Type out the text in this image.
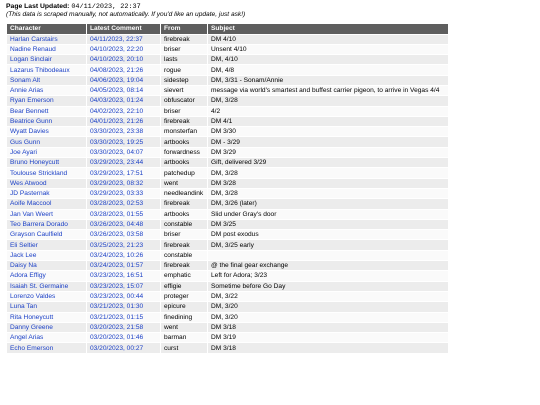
Page Last Updated: 04/11/2023, 22:37
(This data is scraped manually, not automatically. If you'd like an update, just ask!)
Character	Latest Comment	From	Subject
Harlan Carstairs	04/11/2023, 22:37	firebreak	DM 4/10
Nadine Renaud	04/10/2023, 22:20	briser	Unsent 4/10
Logan Sinclair	04/10/2023, 20:10	lasts	DM, 4/10
Lazarus Thibodeaux	04/08/2023, 21:26	rogue	DM, 4/8
Sonam Alt	04/06/2023, 19:04	sidestep	DM, 3/31 - Sonam/Annie
Annie Arias	04/05/2023, 08:14	sievert	message via world's smartest and buffest carrier pigeon, to arrive in Vegas 4/4
Ryan Emerson	04/03/2023, 01:24	obfuscator	DM, 3/28
Bear Bennett	04/02/2023, 22:10	briser	4/2
Beatrice Gunn	04/01/2023, 21:26	firebreak	DM 4/1
Wyatt Davies	03/30/2023, 23:38	monsterfan	DM 3/30
Gus Gunn	03/30/2023, 19:25	artbooks	DM - 3/29
Joe Ayari	03/30/2023, 04:07	forwardness	DM 3/29
Bruno Honeycutt	03/29/2023, 23:44	artbooks	Gift, delivered 3/29
Toulouse Strickland	03/29/2023, 17:51	patchedup	DM, 3/28
Wes Atwood	03/29/2023, 08:32	went	DM 3/28
JD Pasternak	03/29/2023, 03:33	needleandink	DM, 3/28
Aoife Maccool	03/28/2023, 02:53	firebreak	DM, 3/26 (later)
Jan Van Weert	03/28/2023, 01:55	artbooks	Slid under Gray's door
Teo Barrera Dorado	03/26/2023, 04:48	constable	DM 3/25
Grayson Caulfield	03/26/2023, 03:58	briser	DM post exodus
Eli Seltier	03/25/2023, 21:23	firebreak	DM, 3/25 early
Jack Lee	03/24/2023, 10:26	constable	
Daisy Na	03/24/2023, 01:57	firebreak	@ the final gear exchange
Adora Effigy	03/23/2023, 16:51	emphatic	Left for Adora; 3/23
Isaiah St. Germaine	03/23/2023, 15:07	effigie	Sometime before Go Day
Lorenzo Valdes	03/23/2023, 00:44	proteger	DM, 3/22
Luna Tan	03/21/2023, 01:30	epicure	DM, 3/20
Rita Honeycutt	03/21/2023, 01:15	finedining	DM, 3/20
Danny Greene	03/20/2023, 21:58	went	DM 3/18
Angel Arias	03/20/2023, 01:46	barman	DM 3/19
Echo Emerson	03/20/2023, 00:27	curst	DM 3/18
